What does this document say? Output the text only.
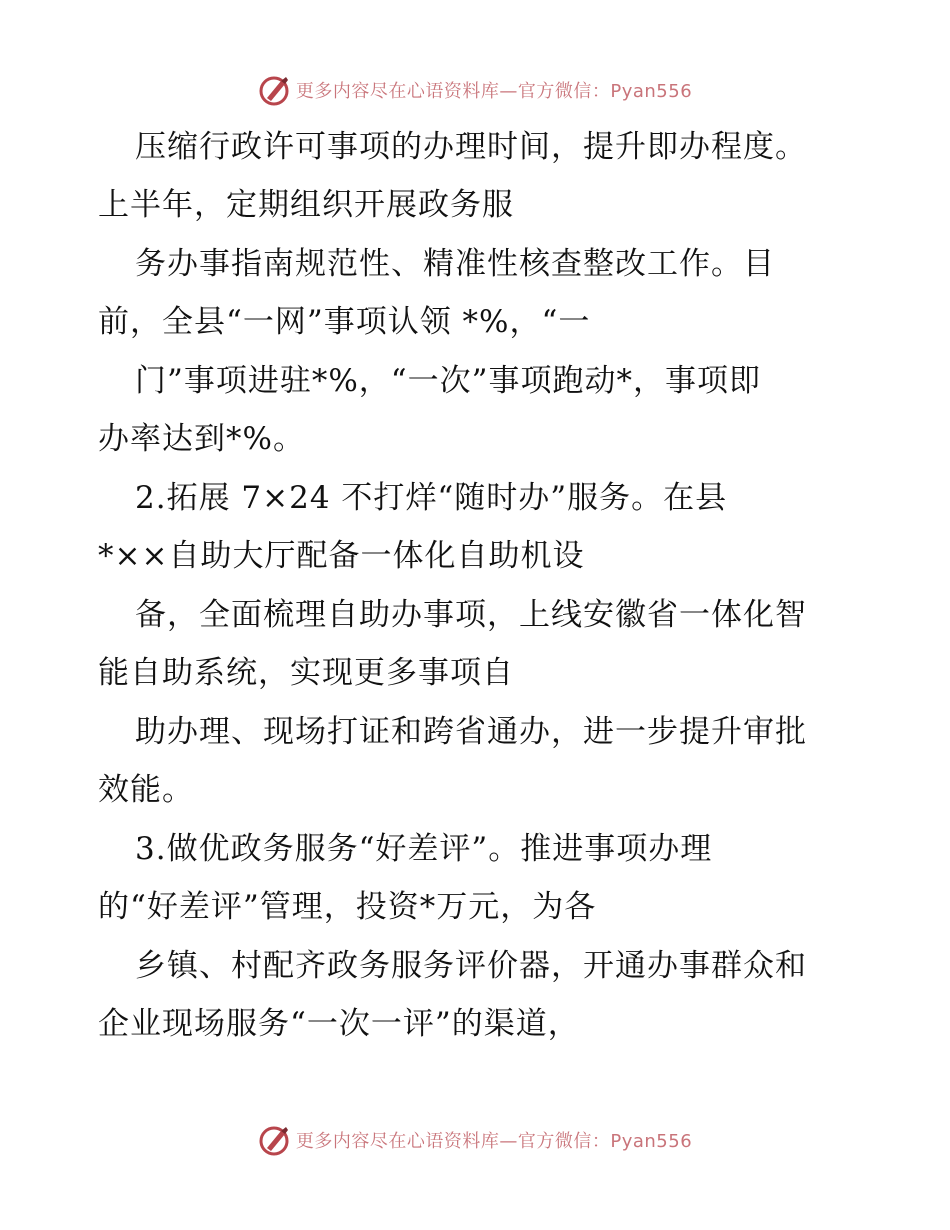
更多内容尽在心语资料库—官方微信：Pyan556
压缩行政许可事项的办理时间，提升即办程度。
上半年，定期组织开展政务服
务办事指南规范性、精准性核查整改工作。目
前，全县“一网”事项认领 *%，“一
门”事项进驻*%，“一次”事项跑动*，事项即
办率达到*%。
2.拓展 7×24 不打烊“随时办”服务。在县
*××自助大厅配备一体化自助机设
备，全面梳理自助办事项，上线安徽省一体化智
能自助系统，实现更多事项自
助办理、现场打证和跨省通办，进一步提升审批
效能。
3.做优政务服务“好差评”。推进事项办理
的“好差评”管理，投资*万元，为各
乡镇、村配齐政务服务评价器，开通办事群众和
企业现场服务“一次一评”的渠道，
更多内容尽在心语资料库—官方微信：Pyan556
